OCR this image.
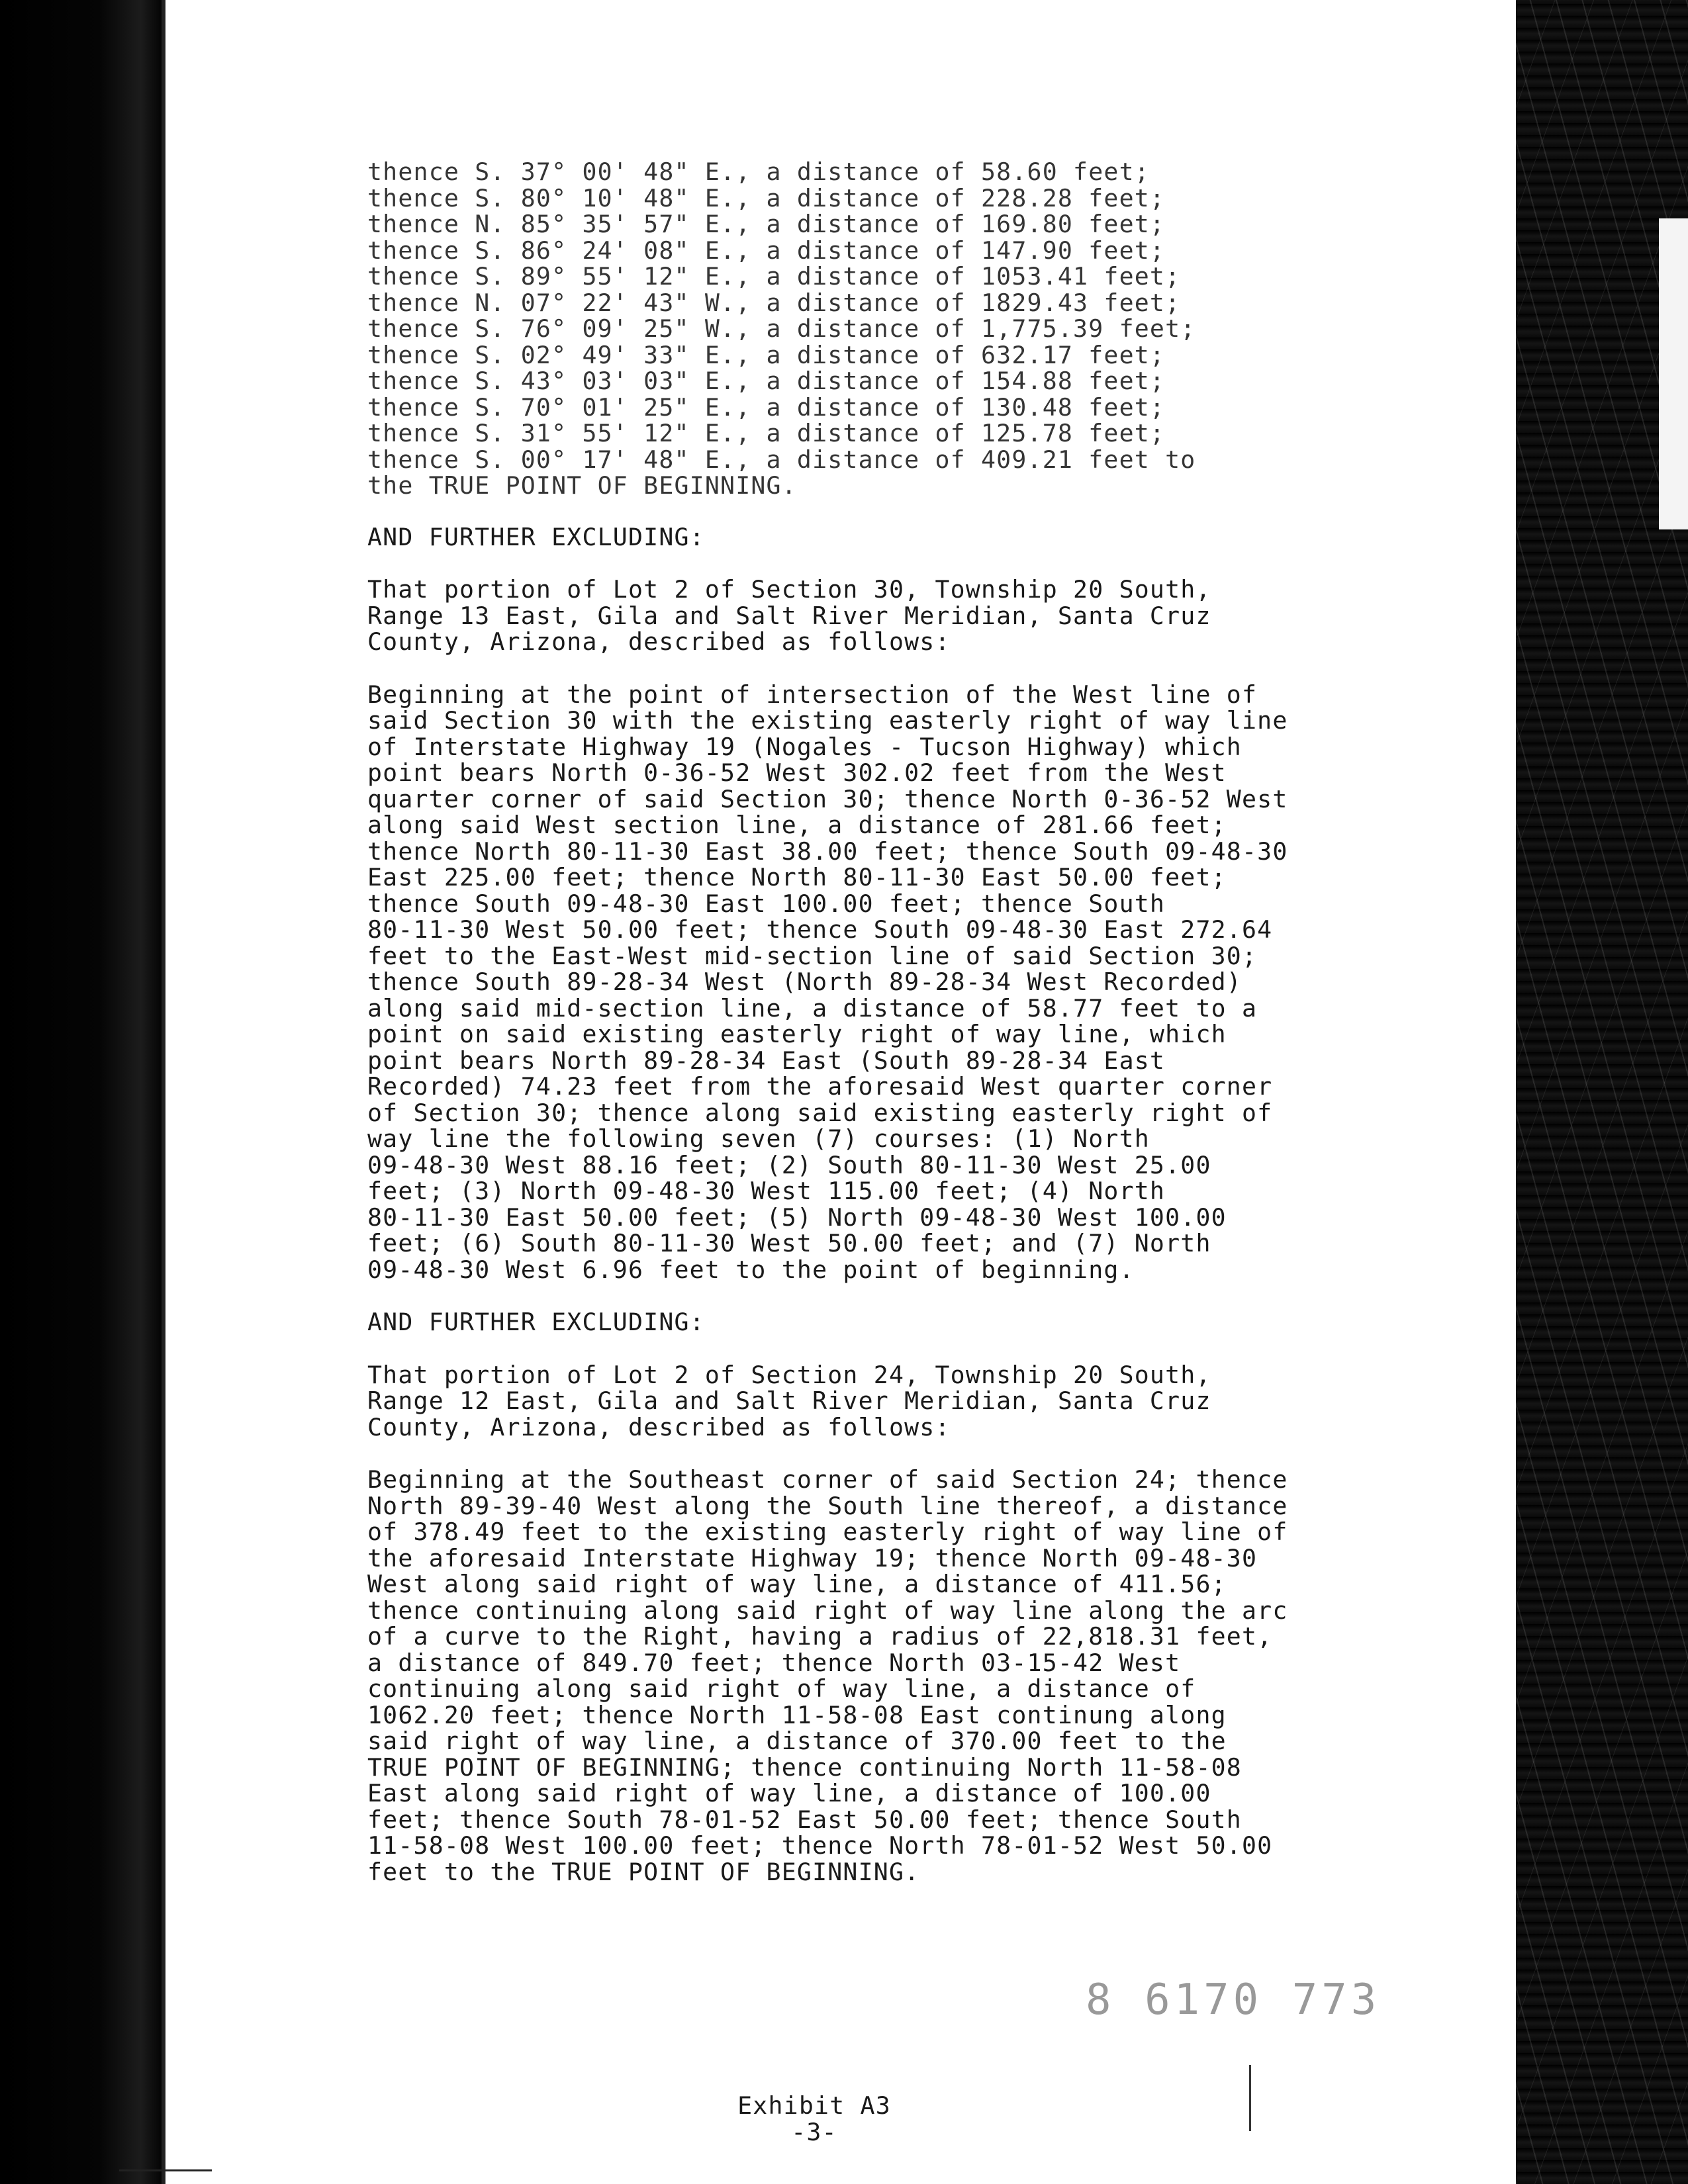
thence S. 37° 00' 48" E., a distance of 58.60 feet;
thence S. 80° 10' 48" E., a distance of 228.28 feet;
thence N. 85° 35' 57" E., a distance of 169.80 feet;
thence S. 86° 24' 08" E., a distance of 147.90 feet;
thence S. 89° 55' 12" E., a distance of 1053.41 feet;
thence N. 07° 22' 43" W., a distance of 1829.43 feet;
thence S. 76° 09' 25" W., a distance of 1,775.39 feet;
thence S. 02° 49' 33" E., a distance of 632.17 feet;
thence S. 43° 03' 03" E., a distance of 154.88 feet;
thence S. 70° 01' 25" E., a distance of 130.48 feet;
thence S. 31° 55' 12" E., a distance of 125.78 feet;
thence S. 00° 17' 48" E., a distance of 409.21 feet to
the TRUE POINT OF BEGINNING.
AND FURTHER EXCLUDING:
That portion of Lot 2 of Section 30, Township 20 South,
Range 13 East, Gila and Salt River Meridian, Santa Cruz
County, Arizona, described as follows:
Beginning at the point of intersection of the West line of
said Section 30 with the existing easterly right of way line
of Interstate Highway 19 (Nogales - Tucson Highway) which
point bears North 0-36-52 West 302.02 feet from the West
quarter corner of said Section 30; thence North 0-36-52 West
along said West section line, a distance of 281.66 feet;
thence North 80-11-30 East 38.00 feet; thence South 09-48-30
East 225.00 feet; thence North 80-11-30 East 50.00 feet;
thence South 09-48-30 East 100.00 feet; thence South
80-11-30 West 50.00 feet; thence South 09-48-30 East 272.64
feet to the East-West mid-section line of said Section 30;
thence South 89-28-34 West (North 89-28-34 West Recorded)
along said mid-section line, a distance of 58.77 feet to a
point on said existing easterly right of way line, which
point bears North 89-28-34 East (South 89-28-34 East
Recorded) 74.23 feet from the aforesaid West quarter corner
of Section 30; thence along said existing easterly right of
way line the following seven (7) courses: (1) North
09-48-30 West 88.16 feet; (2) South 80-11-30 West 25.00
feet; (3) North 09-48-30 West 115.00 feet; (4) North
80-11-30 East 50.00 feet; (5) North 09-48-30 West 100.00
feet; (6) South 80-11-30 West 50.00 feet; and (7) North
09-48-30 West 6.96 feet to the point of beginning.
AND FURTHER EXCLUDING:
That portion of Lot 2 of Section 24, Township 20 South,
Range 12 East, Gila and Salt River Meridian, Santa Cruz
County, Arizona, described as follows:
Beginning at the Southeast corner of said Section 24; thence
North 89-39-40 West along the South line thereof, a distance
of 378.49 feet to the existing easterly right of way line of
the aforesaid Interstate Highway 19; thence North 09-48-30
West along said right of way line, a distance of 411.56;
thence continuing along said right of way line along the arc
of a curve to the Right, having a radius of 22,818.31 feet,
a distance of 849.70 feet; thence North 03-15-42 West
continuing along said right of way line, a distance of
1062.20 feet; thence North 11-58-08 East continung along
said right of way line, a distance of 370.00 feet to the
TRUE POINT OF BEGINNING; thence continuing North 11-58-08
East along said right of way line, a distance of 100.00
feet; thence South 78-01-52 East 50.00 feet; thence South
11-58-08 West 100.00 feet; thence North 78-01-52 West 50.00
feet to the TRUE POINT OF BEGINNING.
8 6170 773
Exhibit A3
-3-
